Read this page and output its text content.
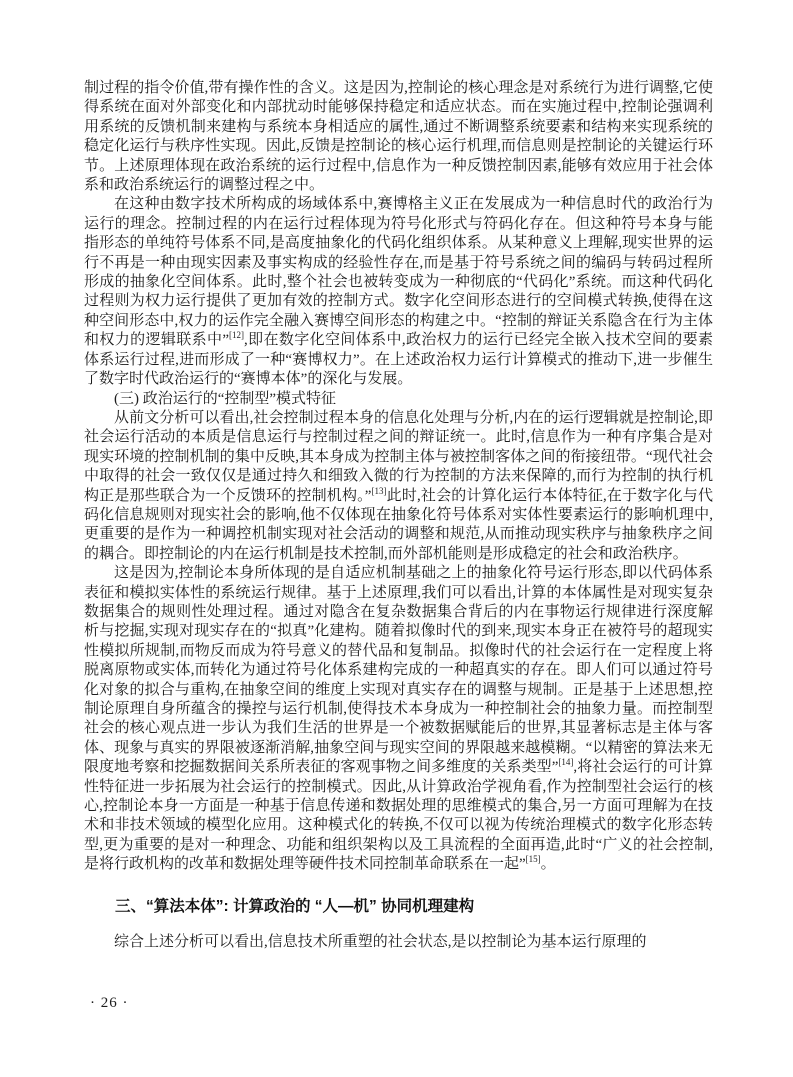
制过程的指令价值,带有操作性的含义。这是因为,控制论的核心理念是对系统行为进行调整,它使得系统在面对外部变化和内部扰动时能够保持稳定和适应状态。而在实施过程中,控制论强调利用系统的反馈机制来建构与系统本身相适应的属性,通过不断调整系统要素和结构来实现系统的稳定化运行与秩序性实现。因此,反馈是控制论的核心运行机理,而信息则是控制论的关键运行环节。上述原理体现在政治系统的运行过程中,信息作为一种反馈控制因素,能够有效应用于社会体系和政治系统运行的调整过程之中。

在这种由数字技术所构成的场域体系中,赛博格主义正在发展成为一种信息时代的政治行为运行的理念。控制过程的内在运行过程体现为符号化形式与符码化存在。但这种符号本身与能指形态的单纯符号体系不同,是高度抽象化的代码化组织体系。从某种意义上理解,现实世界的运行不再是一种由现实因素及事实构成的经验性存在,而是基于符号系统之间的编码与转码过程所形成的抽象化空间体系。此时,整个社会也被转变成为一种彻底的“代码化”系统。而这种代码化过程则为权力运行提供了更加有效的控制方式。数字化空间形态进行的空间模式转换,使得在这种空间形态中,权力的运作完全融入赛博空间形态的构建之中。“控制的辩证关系隐含在行为主体和权力的逻辑联系中”[12],即在数字化空间体系中,政治权力的运行已经完全嵌入技术空间的要素体系运行过程,进而形成了一种“赛博权力”。在上述政治权力运行计算模式的推动下,进一步催生了数字时代政治运行的“赛博本体”的深化与发展。

(三) 政治运行的“控制型”模式特征

从前文分析可以看出,社会控制过程本身的信息化处理与分析,内在的运行逻辑就是控制论,即社会运行活动的本质是信息运行与控制过程之间的辩证统一。此时,信息作为一种有序集合是对现实环境的控制机制的集中反映,其本身成为控制主体与被控制客体之间的衔接纽带。“现代社会中取得的社会一致仅仅是通过持久和细致入微的行为控制的方法来保障的,而行为控制的执行机构正是那些联合为一个反馈环的控制机构。”[13]此时,社会的计算化运行本体特征,在于数字化与代码化信息规则对现实社会的影响,他不仅体现在抽象化符号体系对实体性要素运行的影响机理中,更重要的是作为一种调控机制实现对社会活动的调整和规范,从而推动现实秩序与抽象秩序之间的耦合。即控制论的内在运行机制是技术控制,而外部机能则是形成稳定的社会和政治秩序。

这是因为,控制论本身所体现的是自适应机制基础之上的抽象化符号运行形态,即以代码体系表征和模拟实体性的系统运行规律。基于上述原理,我们可以看出,计算的本体属性是对现实复杂数据集合的规则性处理过程。通过对隐含在复杂数据集合背后的内在事物运行规律进行深度解析与挖掘,实现对现实存在的“拟真”化建构。随着拟像时代的到来,现实本身正在被符号的超现实性模拟所规制,而物反而成为符号意义的替代品和复制品。拟像时代的社会运行在一定程度上将脱离原物或实体,而转化为通过符号化体系建构完成的一种超真实的存在。即人们可以通过符号化对象的拟合与重构,在抽象空间的维度上实现对真实存在的调整与规制。正是基于上述思想,控制论原理自身所蕴含的操控与运行机制,使得技术本身成为一种控制社会的抽象力量。而控制型社会的核心观点进一步认为我们生活的世界是一个被数据赋能后的世界,其显著标志是主体与客体、现象与真实的界限被逐渐消解,抽象空间与现实空间的界限越来越模糊。“以精密的算法来无限度地考察和挖掘数据间关系所表征的客观事物之间多维度的关系类型”[14],将社会运行的可计算性特征进一步拓展为社会运行的控制模式。因此,从计算政治学视角看,作为控制型社会运行的核心,控制论本身一方面是一种基于信息传递和数据处理的思维模式的集合,另一方面可理解为在技术和非技术领域的模型化应用。这种模式化的转换,不仅可以视为传统治理模式的数字化形态转型,更为重要的是对一种理念、功能和组织架构以及工具流程的全面再造,此时“广义的社会控制,是将行政机构的改革和数据处理等硬件技术同控制革命联系在一起”[15]。

三、“算法本体”: 计算政治的 “人—机” 协同机理建构

综合上述分析可以看出,信息技术所重塑的社会状态,是以控制论为基本运行原理的

· 26 ·
